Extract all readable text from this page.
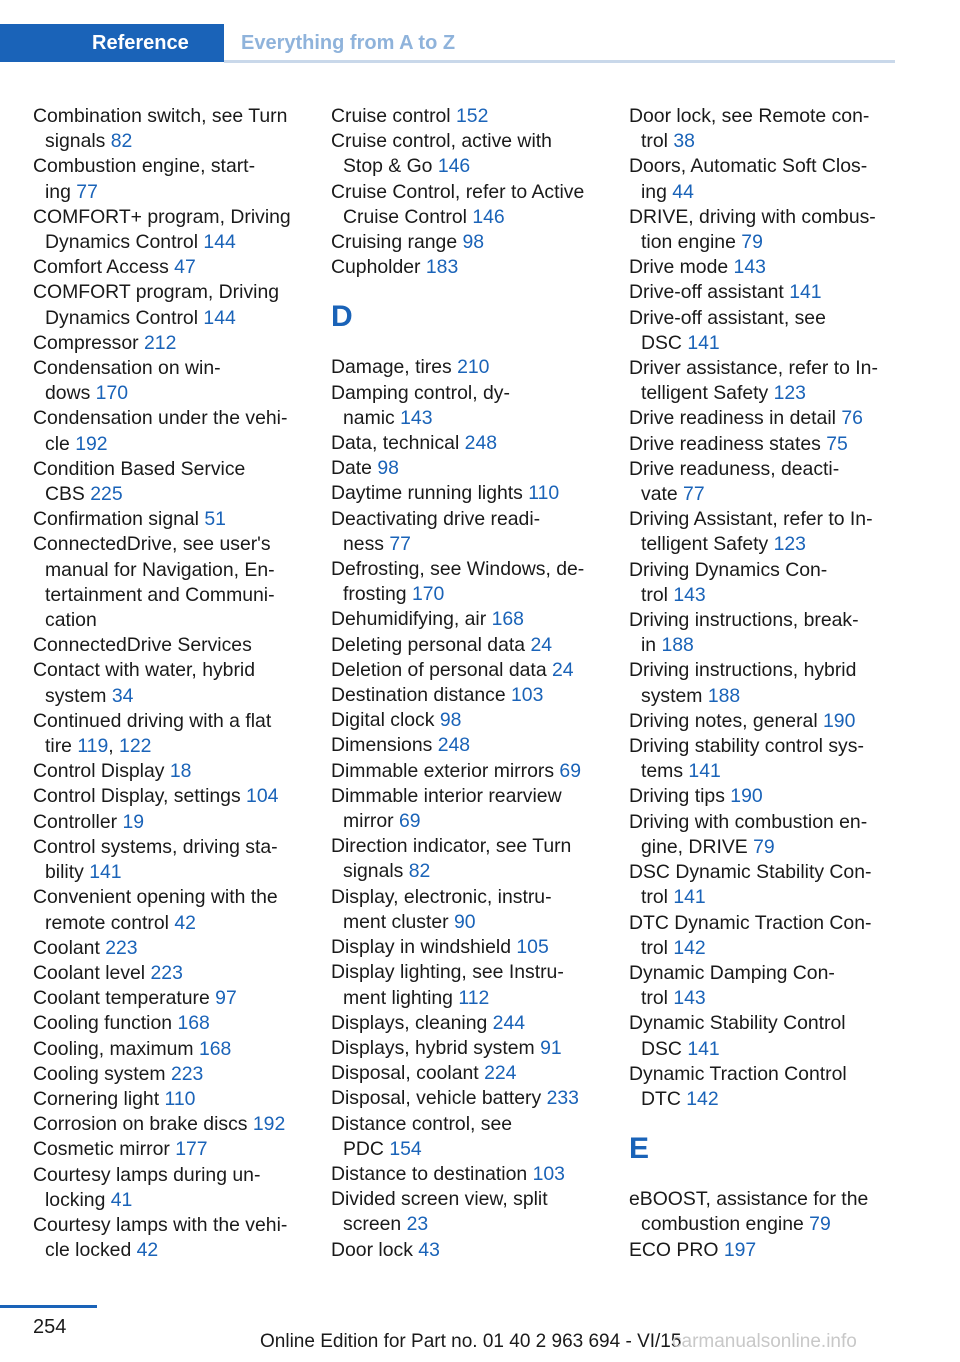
Reference	Everything from A to Z
Combination switch, see Turn
signals 82
Combustion engine, start-
ing 77
COMFORT+ program, Driving
Dynamics Control 144
Comfort Access 47
COMFORT program, Driving
Dynamics Control 144
Compressor 212
Condensation on win-
dows 170
Condensation under the vehi-
cle 192
Condition Based Service
CBS 225
Confirmation signal 51
ConnectedDrive, see user's
manual for Navigation, En-
tertainment and Communi-
cation
ConnectedDrive Services
Contact with water, hybrid
system 34
Continued driving with a flat
tire 119, 122
Control Display 18
Control Display, settings 104
Controller 19
Control systems, driving sta-
bility 141
Convenient opening with the
remote control 42
Coolant 223
Coolant level 223
Coolant temperature 97
Cooling function 168
Cooling, maximum 168
Cooling system 223
Cornering light 110
Corrosion on brake discs 192
Cosmetic mirror 177
Courtesy lamps during un-
locking 41
Courtesy lamps with the vehi-
cle locked 42
Cruise control 152
Cruise control, active with
Stop & Go 146
Cruise Control, refer to Active
Cruise Control 146
Cruising range 98
Cupholder 183
D
Damage, tires 210
Damping control, dy-
namic 143
Data, technical 248
Date 98
Daytime running lights 110
Deactivating drive readi-
ness 77
Defrosting, see Windows, de-
frosting 170
Dehumidifying, air 168
Deleting personal data 24
Deletion of personal data 24
Destination distance 103
Digital clock 98
Dimensions 248
Dimmable exterior mirrors 69
Dimmable interior rearview
mirror 69
Direction indicator, see Turn
signals 82
Display, electronic, instru-
ment cluster 90
Display in windshield 105
Display lighting, see Instru-
ment lighting 112
Displays, cleaning 244
Displays, hybrid system 91
Disposal, coolant 224
Disposal, vehicle battery 233
Distance control, see
PDC 154
Distance to destination 103
Divided screen view, split
screen 23
Door lock 43
Door lock, see Remote con-
trol 38
Doors, Automatic Soft Clos-
ing 44
DRIVE, driving with combus-
tion engine 79
Drive mode 143
Drive-off assistant 141
Drive-off assistant, see
DSC 141
Driver assistance, refer to In-
telligent Safety 123
Drive readiness in detail 76
Drive readiness states 75
Drive readuness, deacti-
vate 77
Driving Assistant, refer to In-
telligent Safety 123
Driving Dynamics Con-
trol 143
Driving instructions, break-
in 188
Driving instructions, hybrid
system 188
Driving notes, general 190
Driving stability control sys-
tems 141
Driving tips 190
Driving with combustion en-
gine, DRIVE 79
DSC Dynamic Stability Con-
trol 141
DTC Dynamic Traction Con-
trol 142
Dynamic Damping Con-
trol 143
Dynamic Stability Control
DSC 141
Dynamic Traction Control
DTC 142
E
eBOOST, assistance for the
combustion engine 79
ECO PRO 197
254
Online Edition for Part no. 01 40 2 963 694 - VI/15
carmanualsonline.info
